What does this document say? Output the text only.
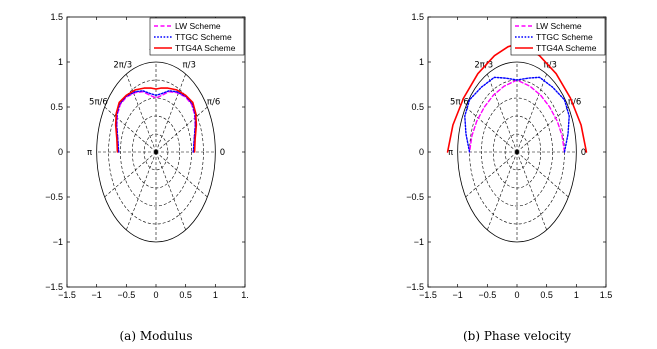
−1.5 −1 −0.5 0 0.5 1	1.
1.5
1
0.5
0
−0.5
−1
−1.5
0
π/6
π/3
2π/3
5π/6
π
LW Scheme
TTGC Scheme
TTG4A Scheme
(a) Modulus
−1.5 −1 −0.5 0 0.5 1 1.5
1.5
1
0.5
0
−0.5
−1
−1.5
0
π/6
π/3
2π/3
5π/6
π
LW Scheme
TTGC Scheme
TTG4A Scheme
(b) Phase velocity
